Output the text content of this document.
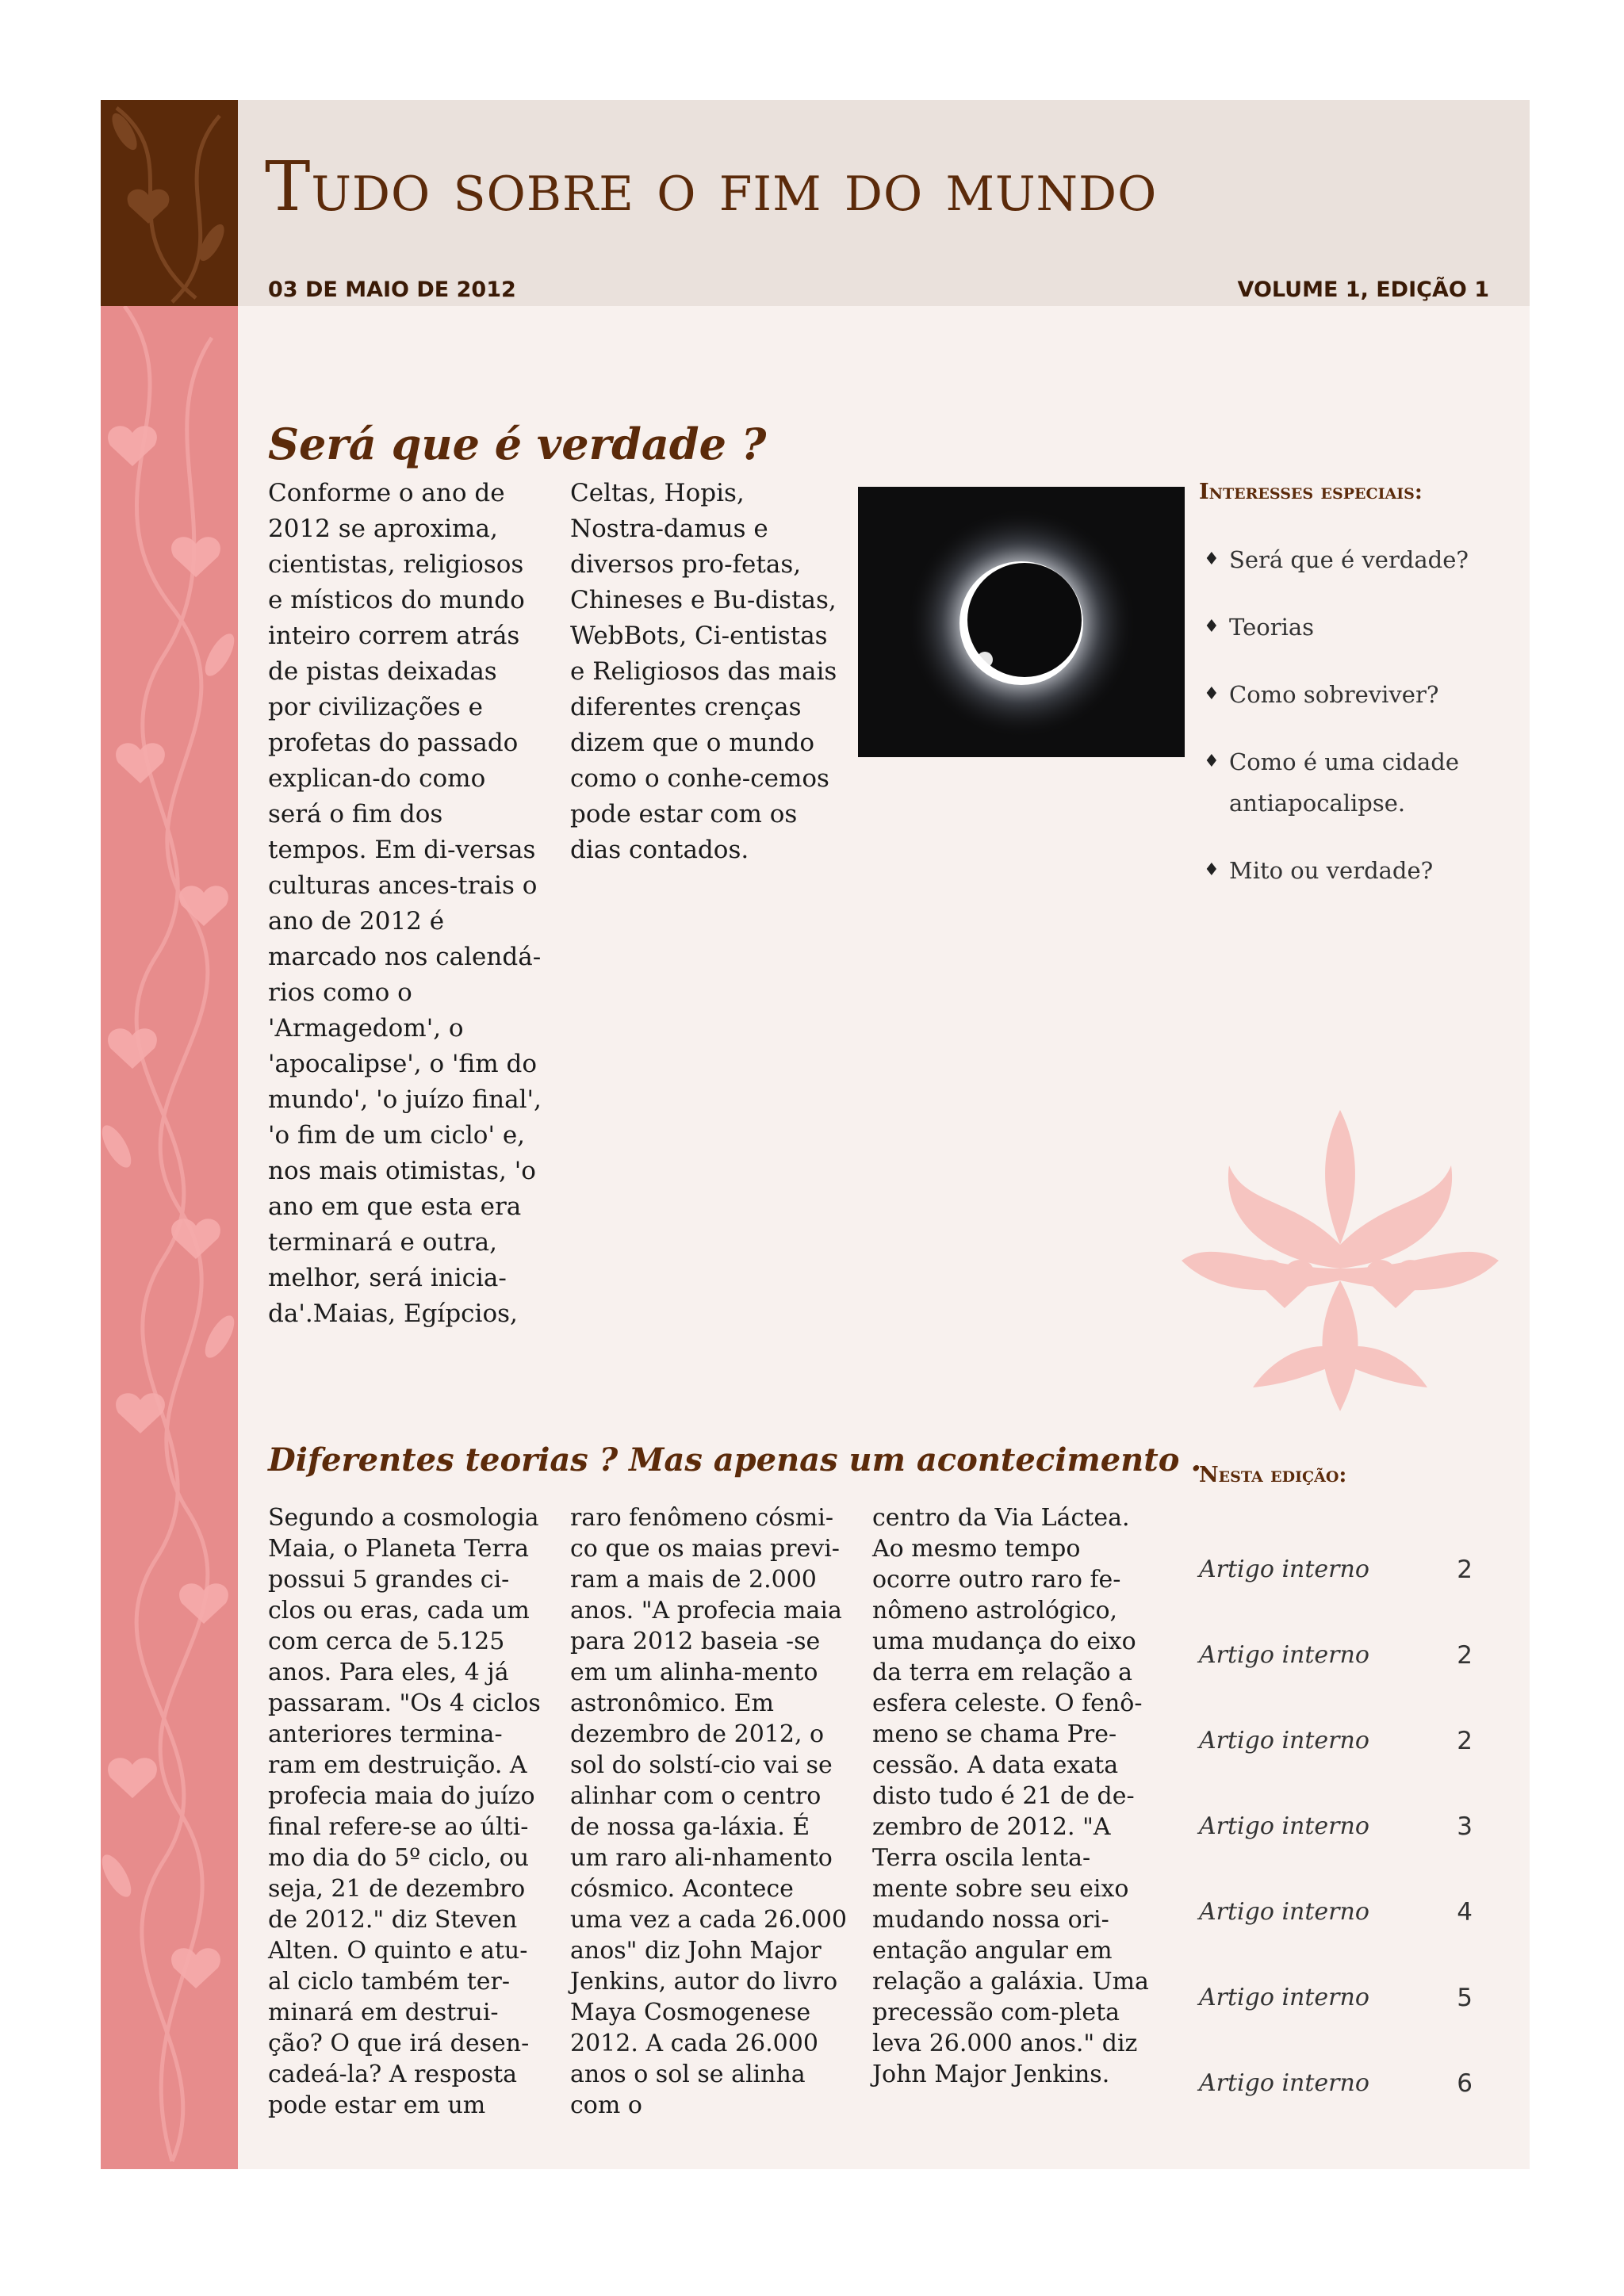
Tudo sobre o fim do mundo
03 DE MAIO DE 2012	VOLUME 1, EDIÇÃO 1
Será que é verdade ?

Conforme o ano de 2012 se aproxima, cientistas, religiosos e místicos do mundo inteiro correm atrás de pistas deixadas por civilizações e profetas do passado explican-do como será o fim dos tempos. Em di-versas culturas ances-trais o ano de 2012 é marcado nos calendá-rios como o 'Armagedom', o 'apocalipse', o 'fim do mundo', 'o juízo final', 'o fim de um ciclo' e, nos mais otimistas, 'o ano em que esta era terminará e outra, melhor, será inicia-da'.Maias, Egípcios,

Celtas, Hopis, Nostra-damus e diversos pro-fetas, Chineses e Bu-distas, WebBots, Ci-entistas e Religiosos das mais diferentes crenças dizem que o mundo como o conhe-cemos pode estar com os dias contados.

Interesses especiais:
♦ Será que é verdade?
♦ Teorias
♦ Como sobreviver?
♦ Como é uma cidade antiapocalipse.
♦ Mito ou verdade?
Diferentes teorias ? Mas apenas um acontecimento .

Segundo a cosmologia Maia, o Planeta Terra possui 5 grandes ci-clos ou eras, cada um com cerca de 5.125 anos. Para eles, 4 já passaram. "Os 4 ciclos anteriores termina-ram em destruição. A profecia maia do juízo final refere-se ao últi-mo dia do 5º ciclo, ou seja, 21 de dezembro de 2012." diz Steven Alten. O quinto e atu-al ciclo também ter-minará em destrui-ção? O que irá desen-cadeá-la? A resposta pode estar em um

raro fenômeno cósmi-co que os maias previ-ram a mais de 2.000 anos. "A profecia maia para 2012 baseia -se em um alinha-mento astronômico. Em dezembro de 2012, o sol do solstí-cio vai se alinhar com o centro de nossa ga-láxia. É um raro ali-nhamento cósmico. Acontece uma vez a cada 26.000 anos" diz John Major Jenkins, autor do livro Maya Cosmogenese 2012. A cada 26.000 anos o sol se alinha com o

centro da Via Láctea. Ao mesmo tempo ocorre outro raro fe-nômeno astrológico, uma mudança do eixo da terra em relação a esfera celeste. O fenô-meno se chama Pre-cessão. A data exata disto tudo é 21 de de-zembro de 2012. "A Terra oscila lenta-mente sobre seu eixo mudando nossa ori-entação angular em relação a galáxia. Uma precessão com-pleta leva 26.000 anos." diz John Major Jenkins.

Nesta edição:
Artigo interno	2
Artigo interno	2
Artigo interno	2
Artigo interno	3
Artigo interno	4
Artigo interno	5
Artigo interno	6
